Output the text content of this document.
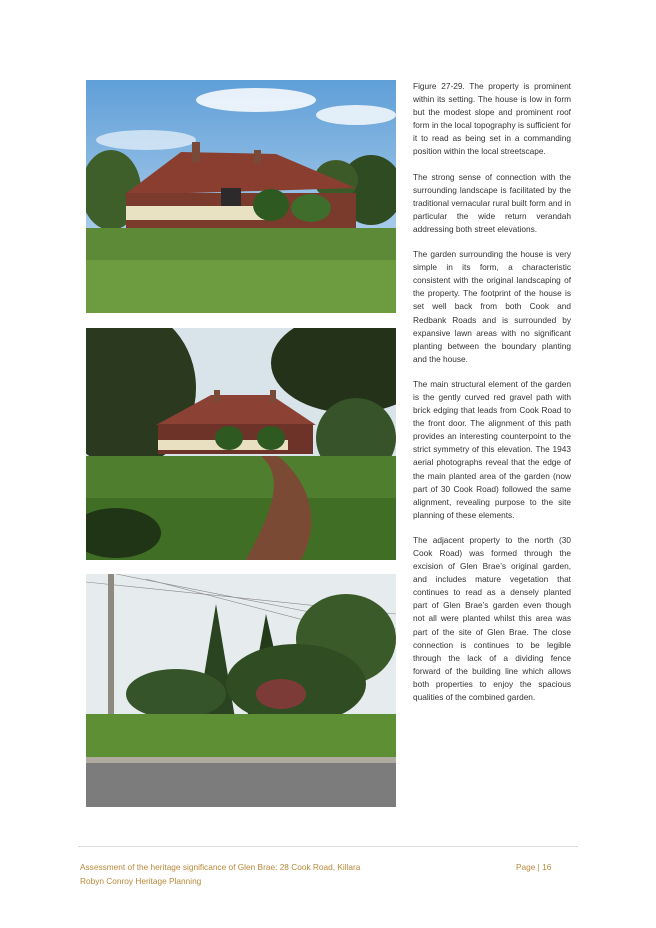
Figure 27-29. The property is prominent within its setting. The house is low in form but the modest slope and prominent roof form in the local topography is sufficient for it to read as being set in a commanding position within the local streetscape.

The strong sense of connection with the surrounding landscape is facilitated by the traditional vernacular rural built form and in particular the wide return verandah addressing both street elevations.

The garden surrounding the house is very simple in its form, a characteristic consistent with the original landscaping of the property. The footprint of the house is set well back from both Cook and Redbank Roads and is surrounded by expansive lawn areas with no significant planting between the boundary planting and the house.

The main structural element of the garden is the gently curved red gravel path with brick edging that leads from Cook Road to the front door. The alignment of this path provides an interesting counterpoint to the strict symmetry of this elevation. The 1943 aerial photographs reveal that the edge of the main planted area of the garden (now part of 30 Cook Road) followed the same alignment, revealing purpose to the site planning of these elements.

The adjacent property to the north (30 Cook Road) was formed through the excision of Glen Brae’s original garden, and includes mature vegetation that continues to read as a densely planted part of Glen Brae’s garden even though not all were planted whilst this area was part of the site of Glen Brae. The close connection is continues to be legible through the lack of a dividing fence forward of the building line which allows both properties to enjoy the spacious qualities of the combined garden.

Assessment of the heritage significance of Glen Brae: 28 Cook Road, Killara
Robyn Conroy Heritage Planning
Page | 16
